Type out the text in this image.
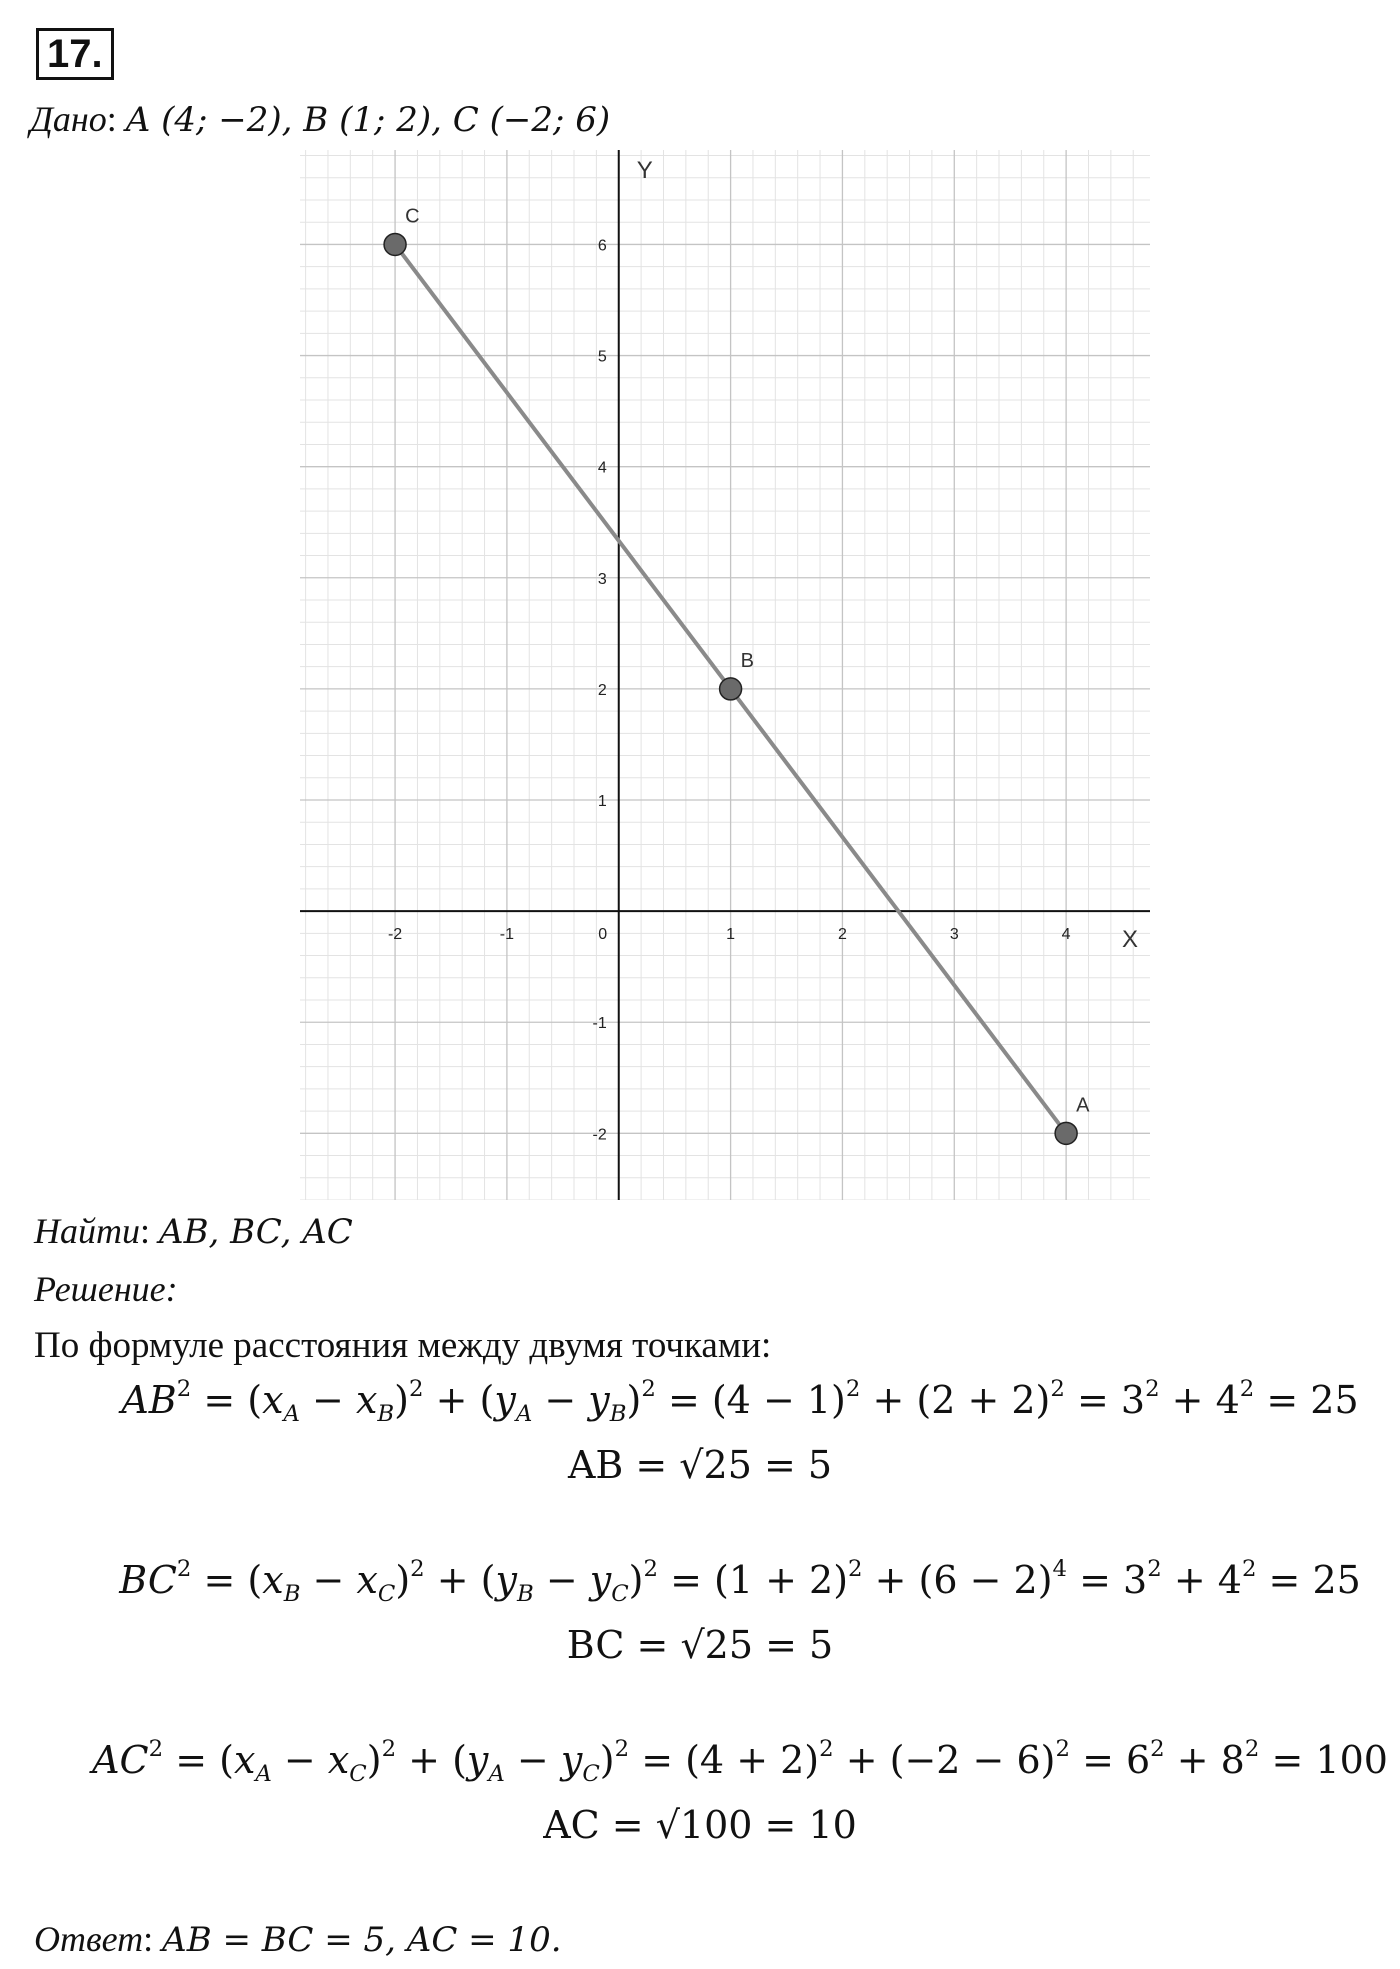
17.
Дано: A (4; −2), B (1; 2), C (−2; 6)
-2	-1	0	1	2	3	4
6
5
4
3
2
1
-1
-2
C
B
A
X
Y
Найти: AB, BC, AC
Решение:
По формуле расстояния между двумя точками:
$AB^2 = (x_A - x_B)^2 + (y_A - y_B)^2 = (4 - 1)^2 + (2 + 2)^2 = 3^2 + 4^2 = 25$
AB = √25 = 5
$BC^2 = (x_B - x_C)^2 + (y_B - y_C)^2 = (1 + 2)^2 + (6 - 2)^4 = 3^2 + 4^2 = 25$
BC = √25 = 5
$AC^2 = (x_A - x_C)^2 + (y_A - y_C)^2 = (4 + 2)^2 + (-2 - 6)^2 = 6^2 + 8^2 = 100$
AC = √100 = 10
Ответ: AB = BC = 5, AC = 10.
